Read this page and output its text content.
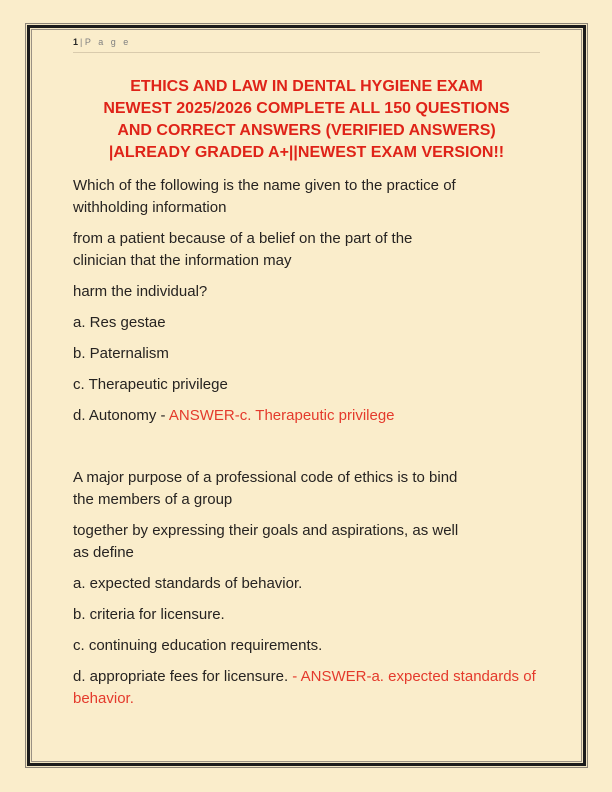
1|P a g e
ETHICS AND LAW IN DENTAL HYGIENE EXAM
NEWEST 2025/2026 COMPLETE ALL 150 QUESTIONS
AND CORRECT ANSWERS (VERIFIED ANSWERS)
|ALREADY GRADED A+||NEWEST EXAM VERSION!!

Which of the following is the name given to the practice of
withholding information

from a patient because of a belief on the part of the
clinician that the information may

harm the individual?

a. Res gestae

b. Paternalism

c. Therapeutic privilege

d. Autonomy - ANSWER-c. Therapeutic privilege

A major purpose of a professional code of ethics is to bind
the members of a group

together by expressing their goals and aspirations, as well
as define

a. expected standards of behavior.

b. criteria for licensure.

c. continuing education requirements.

d. appropriate fees for licensure. - ANSWER-a. expected standards of behavior.
